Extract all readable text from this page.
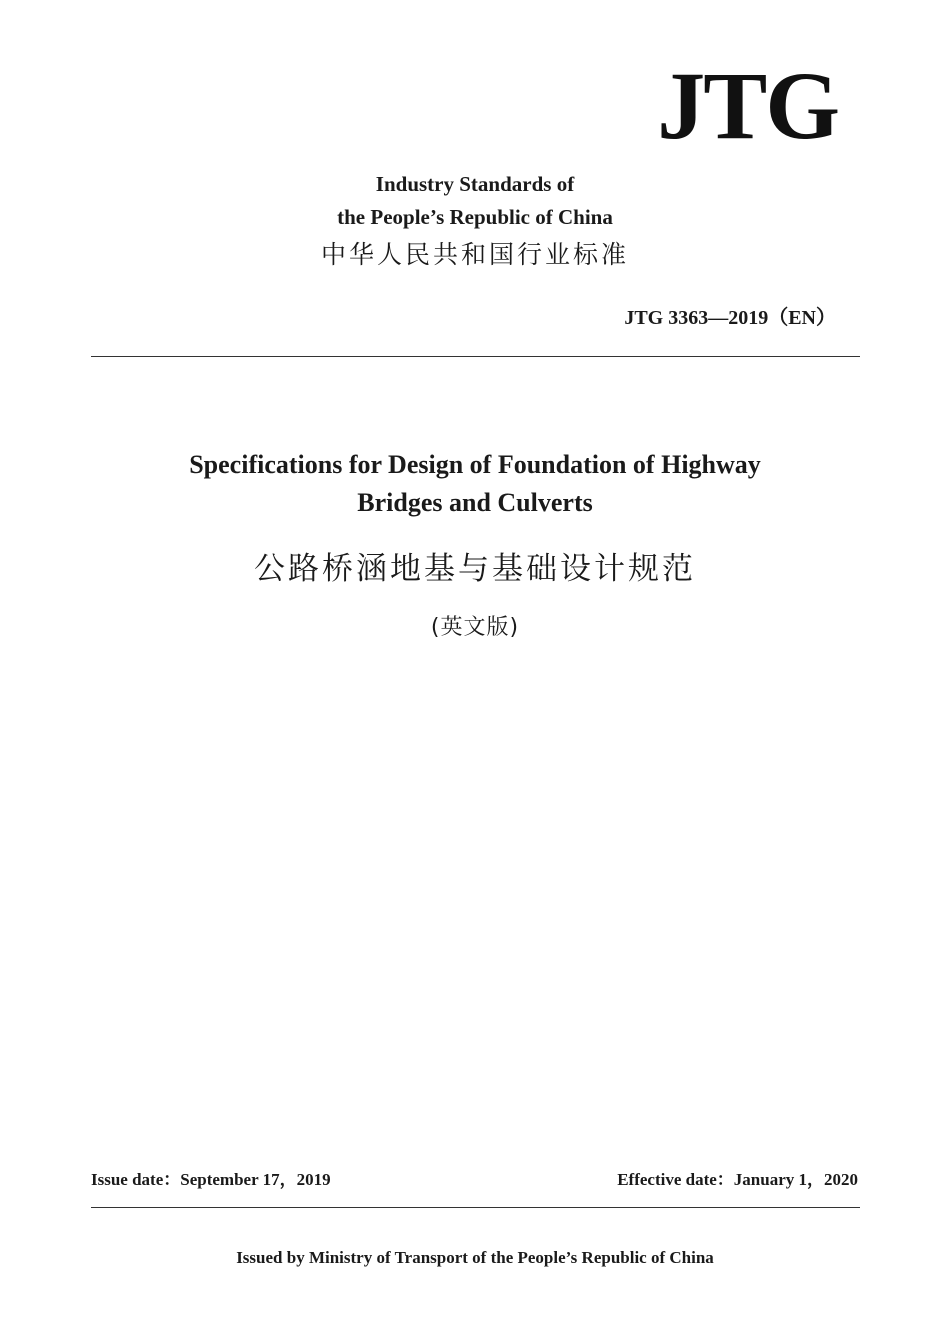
JTG
Industry Standards of
the People’s Republic of China
中华人民共和国行业标准
JTG 3363—2019（EN）
Specifications for Design of Foundation of Highway
Bridges and Culverts
公路桥涵地基与基础设计规范
(英文版)
Issue date：September 17，2019	Effective date：January 1，2020
Issued by Ministry of Transport of the People’s Republic of China
